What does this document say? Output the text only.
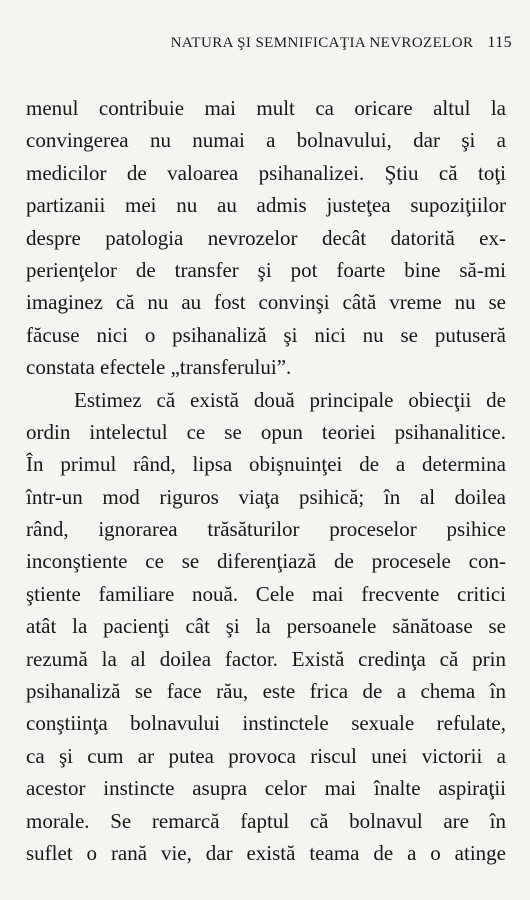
NATURA ŞI SEMNIFICAŢIA NEVROZELOR 115
menul contribuie mai mult ca oricare altul la
convingerea nu numai a bolnavului, dar şi a
medicilor de valoarea psihanalizei. Ştiu că toţi
partizanii mei nu au admis justeţea supoziţiilor
despre patologia nevrozelor decât datorită ex-
perienţelor de transfer şi pot foarte bine să-mi
imaginez că nu au fost convinşi câtă vreme nu se
făcuse nici o psihanaliză şi nici nu se putuseră
constata efectele „transferului”.
Estimez că există două principale obiecţii de
ordin intelectul ce se opun teoriei psihanalitice.
În primul rând, lipsa obişnuinţei de a determina
într-un mod riguros viaţa psihică; în al doilea
rând, ignorarea trăsăturilor proceselor psihice
inconştiente ce se diferenţiază de procesele con-
ştiente familiare nouă. Cele mai frecvente critici
atât la pacienţi cât şi la persoanele sănătoase se
rezumă la al doilea factor. Există credinţa că prin
psihanaliză se face rău, este frica de a chema în
conştiinţa bolnavului instinctele sexuale refulate,
ca şi cum ar putea provoca riscul unei victorii a
acestor instincte asupra celor mai înalte aspiraţii
morale. Se remarcă faptul că bolnavul are în
suflet o rană vie, dar există teama de a o atinge
